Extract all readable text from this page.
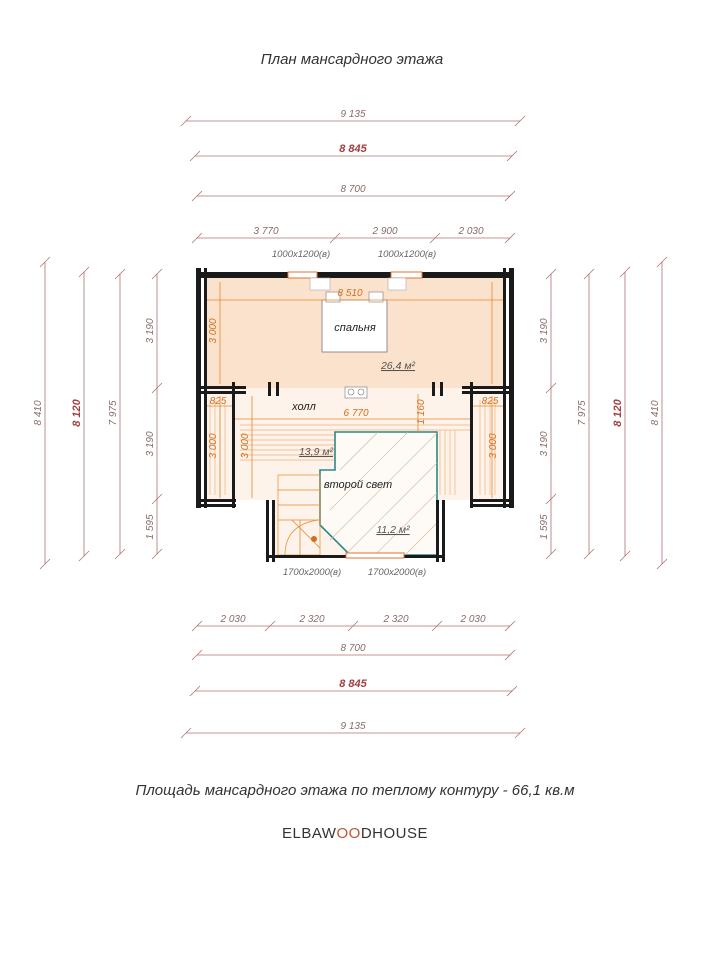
План мансардного этажа
9 135
8 845
8 700
3 770	2 900	2 030
8 410 8 120	7 975
3 190
3 190
1 595
3 190
3 190
1 595
7 975 8 120	8 410
8 510
6 770
825	825
1 160
3 000
3 000 3 000	3 000
спальня
26,4 м²
холл
13,9 м²
второй свет
11,2 м²
1000х1200(в)	1000х1200(в)
1700х2000(в)	1700х2000(в)
2 030	2 320	2 320	2 030
8 700
8 845
9 135
Площадь мансардного этажа по теплому контуру - 66,1 кв.м
ELBAWOODHOUSE
